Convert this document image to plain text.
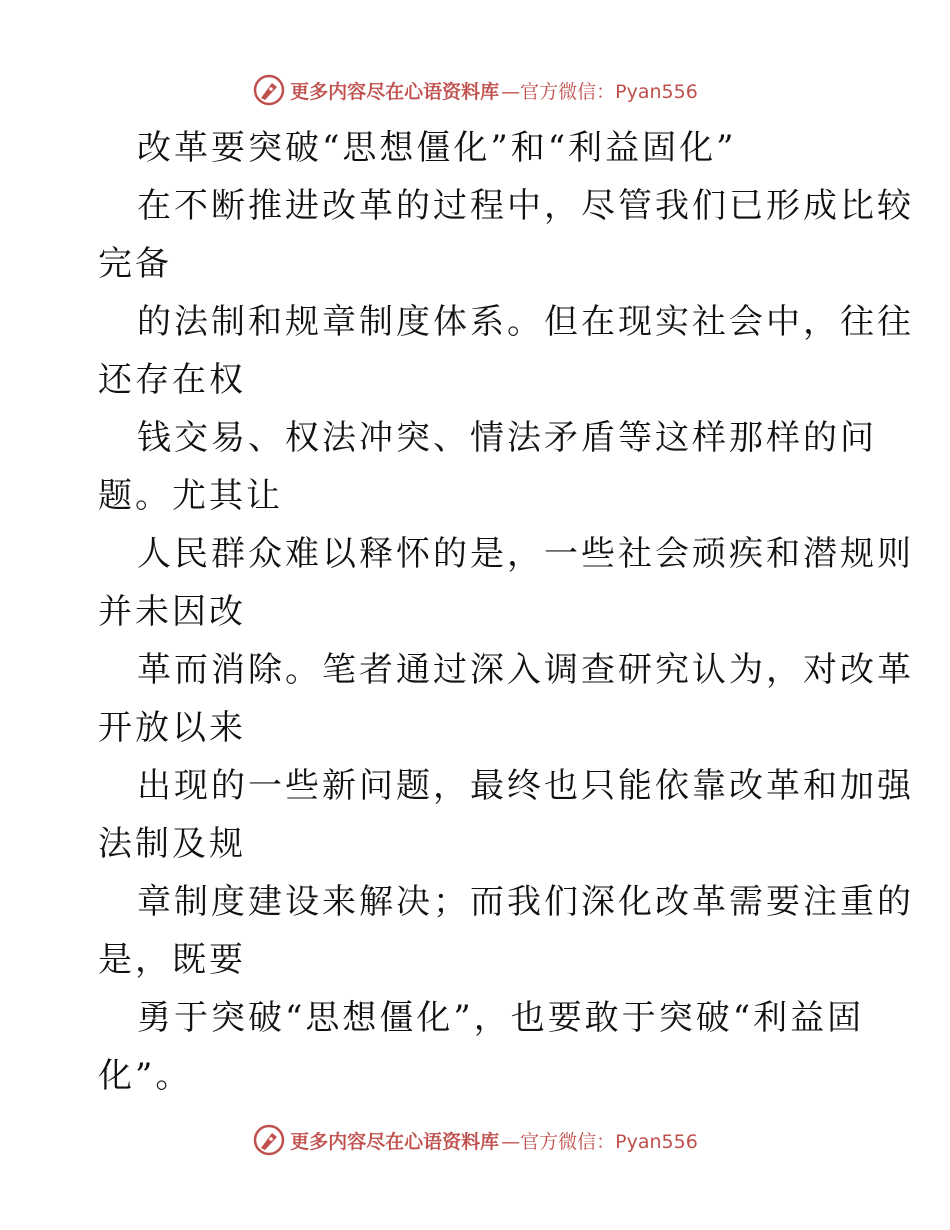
更多内容尽在心语资料库 —官方微信：Pyan556
改革要突破“思想僵化”和“利益固化”
在不断推进改革的过程中，尽管我们已形成比较
完备
的法制和规章制度体系。但在现实社会中，往往
还存在权
钱交易、权法冲突、情法矛盾等这样那样的问
题。尤其让
人民群众难以释怀的是，一些社会顽疾和潜规则
并未因改
革而消除。笔者通过深入调查研究认为，对改革
开放以来
出现的一些新问题，最终也只能依靠改革和加强
法制及规
章制度建设来解决；而我们深化改革需要注重的
是，既要
勇于突破“思想僵化”，也要敢于突破“利益固
化”。
更多内容尽在心语资料库 —官方微信：Pyan556
